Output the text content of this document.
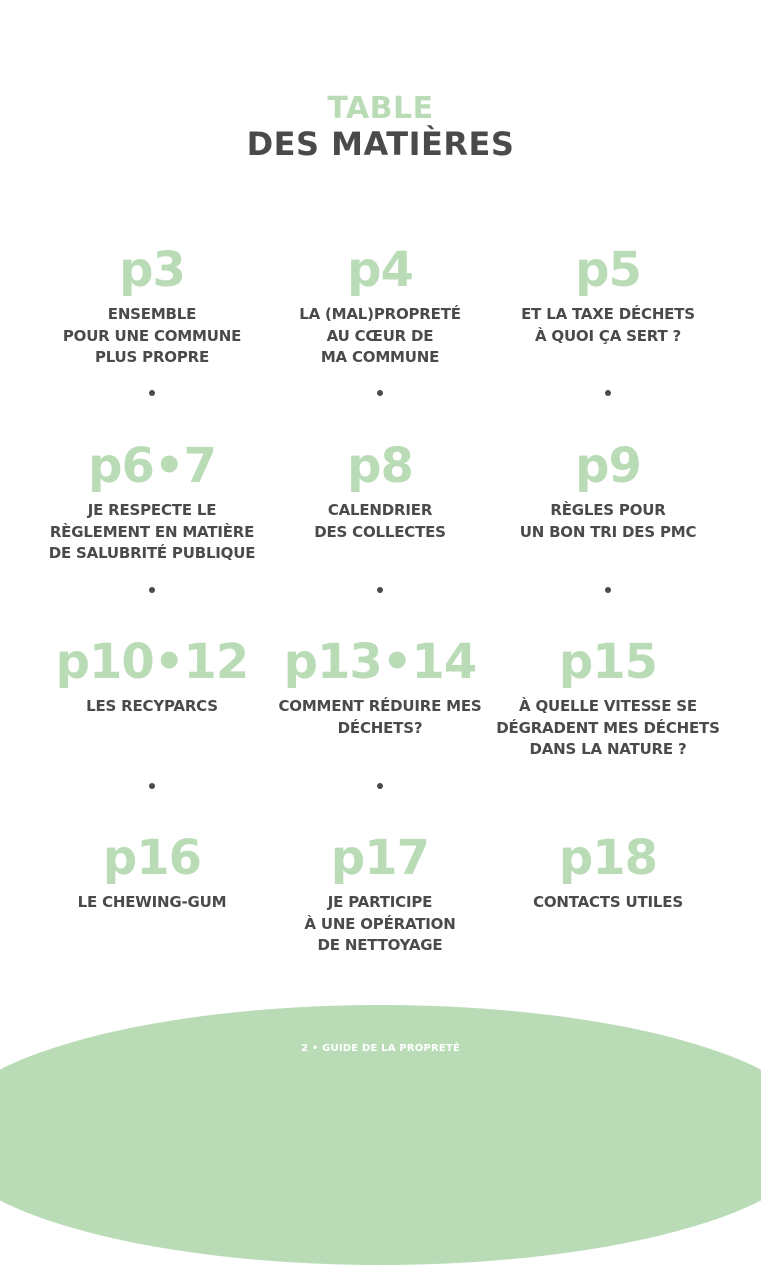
TABLE
DES MATIÈRES
p3
ENSEMBLE
POUR UNE COMMUNE
PLUS PROPRE
p4
LA (MAL)PROPRETÉ
AU CŒUR DE
MA COMMUNE
p5
ET LA TAXE DÉCHETS
À QUOI ÇA SERT ?
p6•7
JE RESPECTE LE
RÈGLEMENT EN MATIÈRE
DE SALUBRITÉ PUBLIQUE
p8
CALENDRIER
DES COLLECTES
p9
RÈGLES POUR
UN BON TRI DES PMC
p10•12
LES RECYPARCS
p13•14
COMMENT RÉDUIRE MES
DÉCHETS?
p15
À QUELLE VITESSE SE
DÉGRADENT MES DÉCHETS
DANS LA NATURE ?
p16
LE CHEWING-GUM
p17
JE PARTICIPE
À UNE OPÉRATION
DE NETTOYAGE
p18
CONTACTS UTILES
2 • GUIDE DE LA PROPRETÉ
